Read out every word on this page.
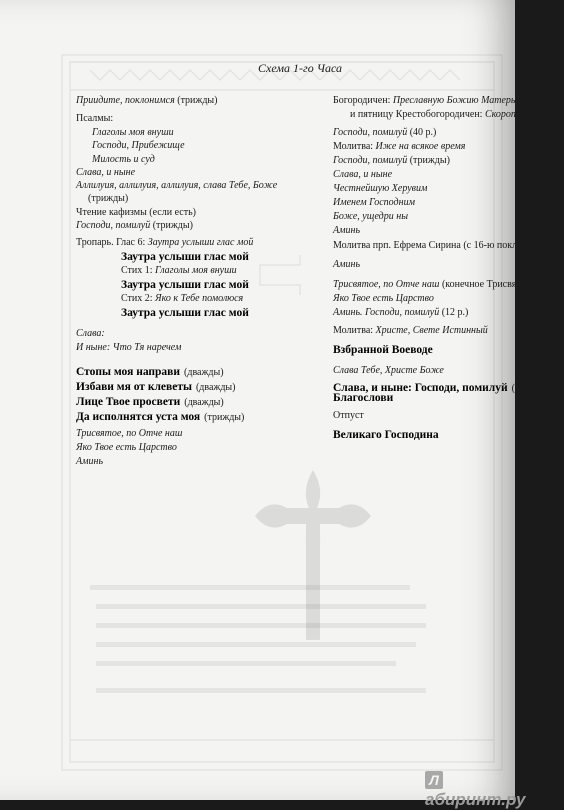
Схема 1-го Часа
Приидите, поклонимся (трижды)
Псалмы:
Глаголы моя внуши
Господи, Прибежище
Милость и суд
Слава, и ныне
Аллилуия, аллилуия, аллилуия, слава Тебе, Боже
(трижды)
Чтение кафизмы (если есть)
Господи, помилуй (трижды)
Тропарь. Глас 6: Заутра услыши глас мой
Заутра услыши глас мой
Стих 1: Глаголы моя внуши
Заутра услыши глас мой
Стих 2: Яко к Тебе помолюся
Заутра услыши глас мой
Слава:
И ныне: Что Тя наречем
Стопы моя направи (дважды)
Избави мя от клеветы (дважды)
Лице Твое просвети (дважды)
Да исполнятся уста моя (трижды)
Трисвятое, по Отче наш
Яко Твое есть Царство
Аминь
Богородичен: Преславную Божию Матерь...
и пятницу Крестобогородичен: Скоропослушная...
Господи, помилуй (40 р.)
Молитва: Иже на всякое время
Господи, помилуй (трижды)
Слава, и ныне
Честнейшую Херувим
Именем Господним
Боже, ущедри ны
Аминь
Молитва прп. Ефрема Сирина (с 16-ю поклонами)
Аминь
Трисвятое, по Отче наш (конечное Трисвятое)
Яко Твое есть Царство
Аминь. Господи, помилуй (12 р.)
Молитва: Христе, Свете Истинный
Взбранной Воеводе
Слава Тебе, Христе Боже
Слава, и ныне: Господи, помилуй (трижды)
Благослови
Отпуст
Великаго Господина
Лабиринт.ру
